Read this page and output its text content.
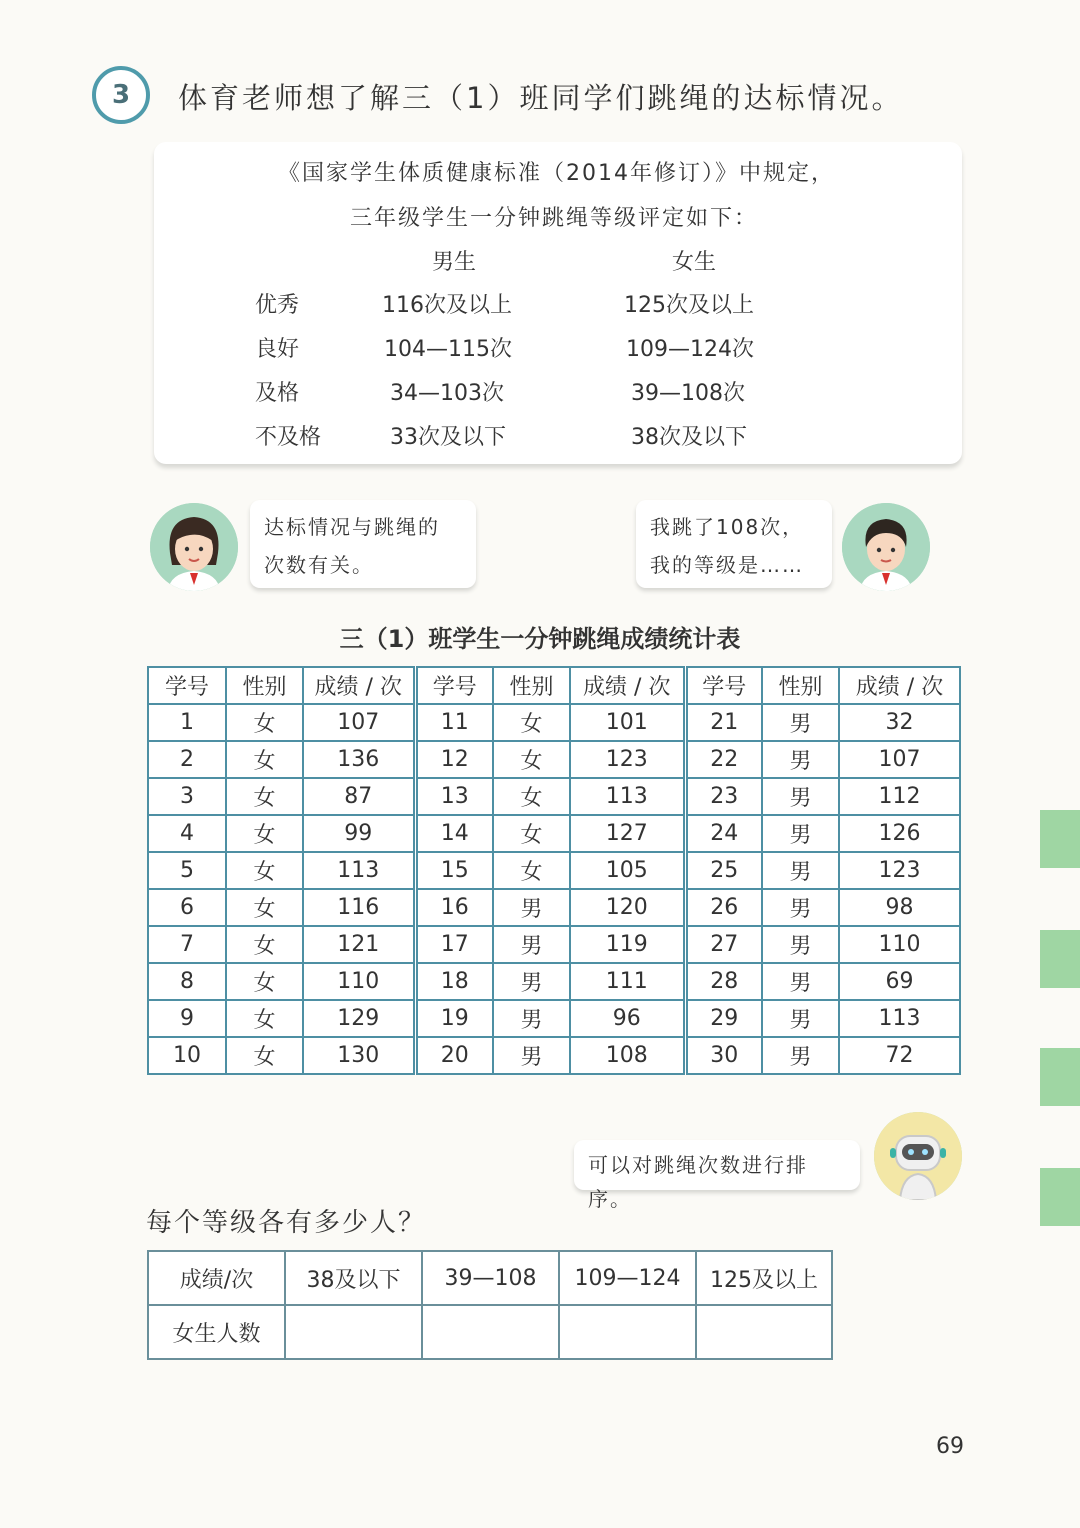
3 体育老师想了解三（1）班同学们跳绳的达标情况。
《国家学生体质健康标准（2014年修订）》中规定，
三年级学生一分钟跳绳等级评定如下：
男生	女生
优秀	116次及以上	125次及以上
良好	104—115次	109—124次
及格	34—103次	39—108次
不及格	33次及以下	38次及以下
达标情况与跳绳的
次数有关。
我跳了108次，
我的等级是……
三（1）班学生一分钟跳绳成绩统计表
学号	性别	成绩 / 次	学号	性别	成绩 / 次	学号	性别	成绩 / 次
1	女	107	11	女	101	21	男	32
2	女	136	12	女	123	22	男	107
3	女	87	13	女	113	23	男	112
4	女	99	14	女	127	24	男	126
5	女	113	15	女	105	25	男	123
6	女	116	16	男	120	26	男	98
7	女	121	17	男	119	27	男	110
8	女	110	18	男	111	28	男	69
9	女	129	19	男	96	29	男	113
10	女	130	20	男	108	30	男	72
可以对跳绳次数进行排序。
每个等级各有多少人？
成绩/次	38及以下	39—108	109—124	125及以上
女生人数				
69
